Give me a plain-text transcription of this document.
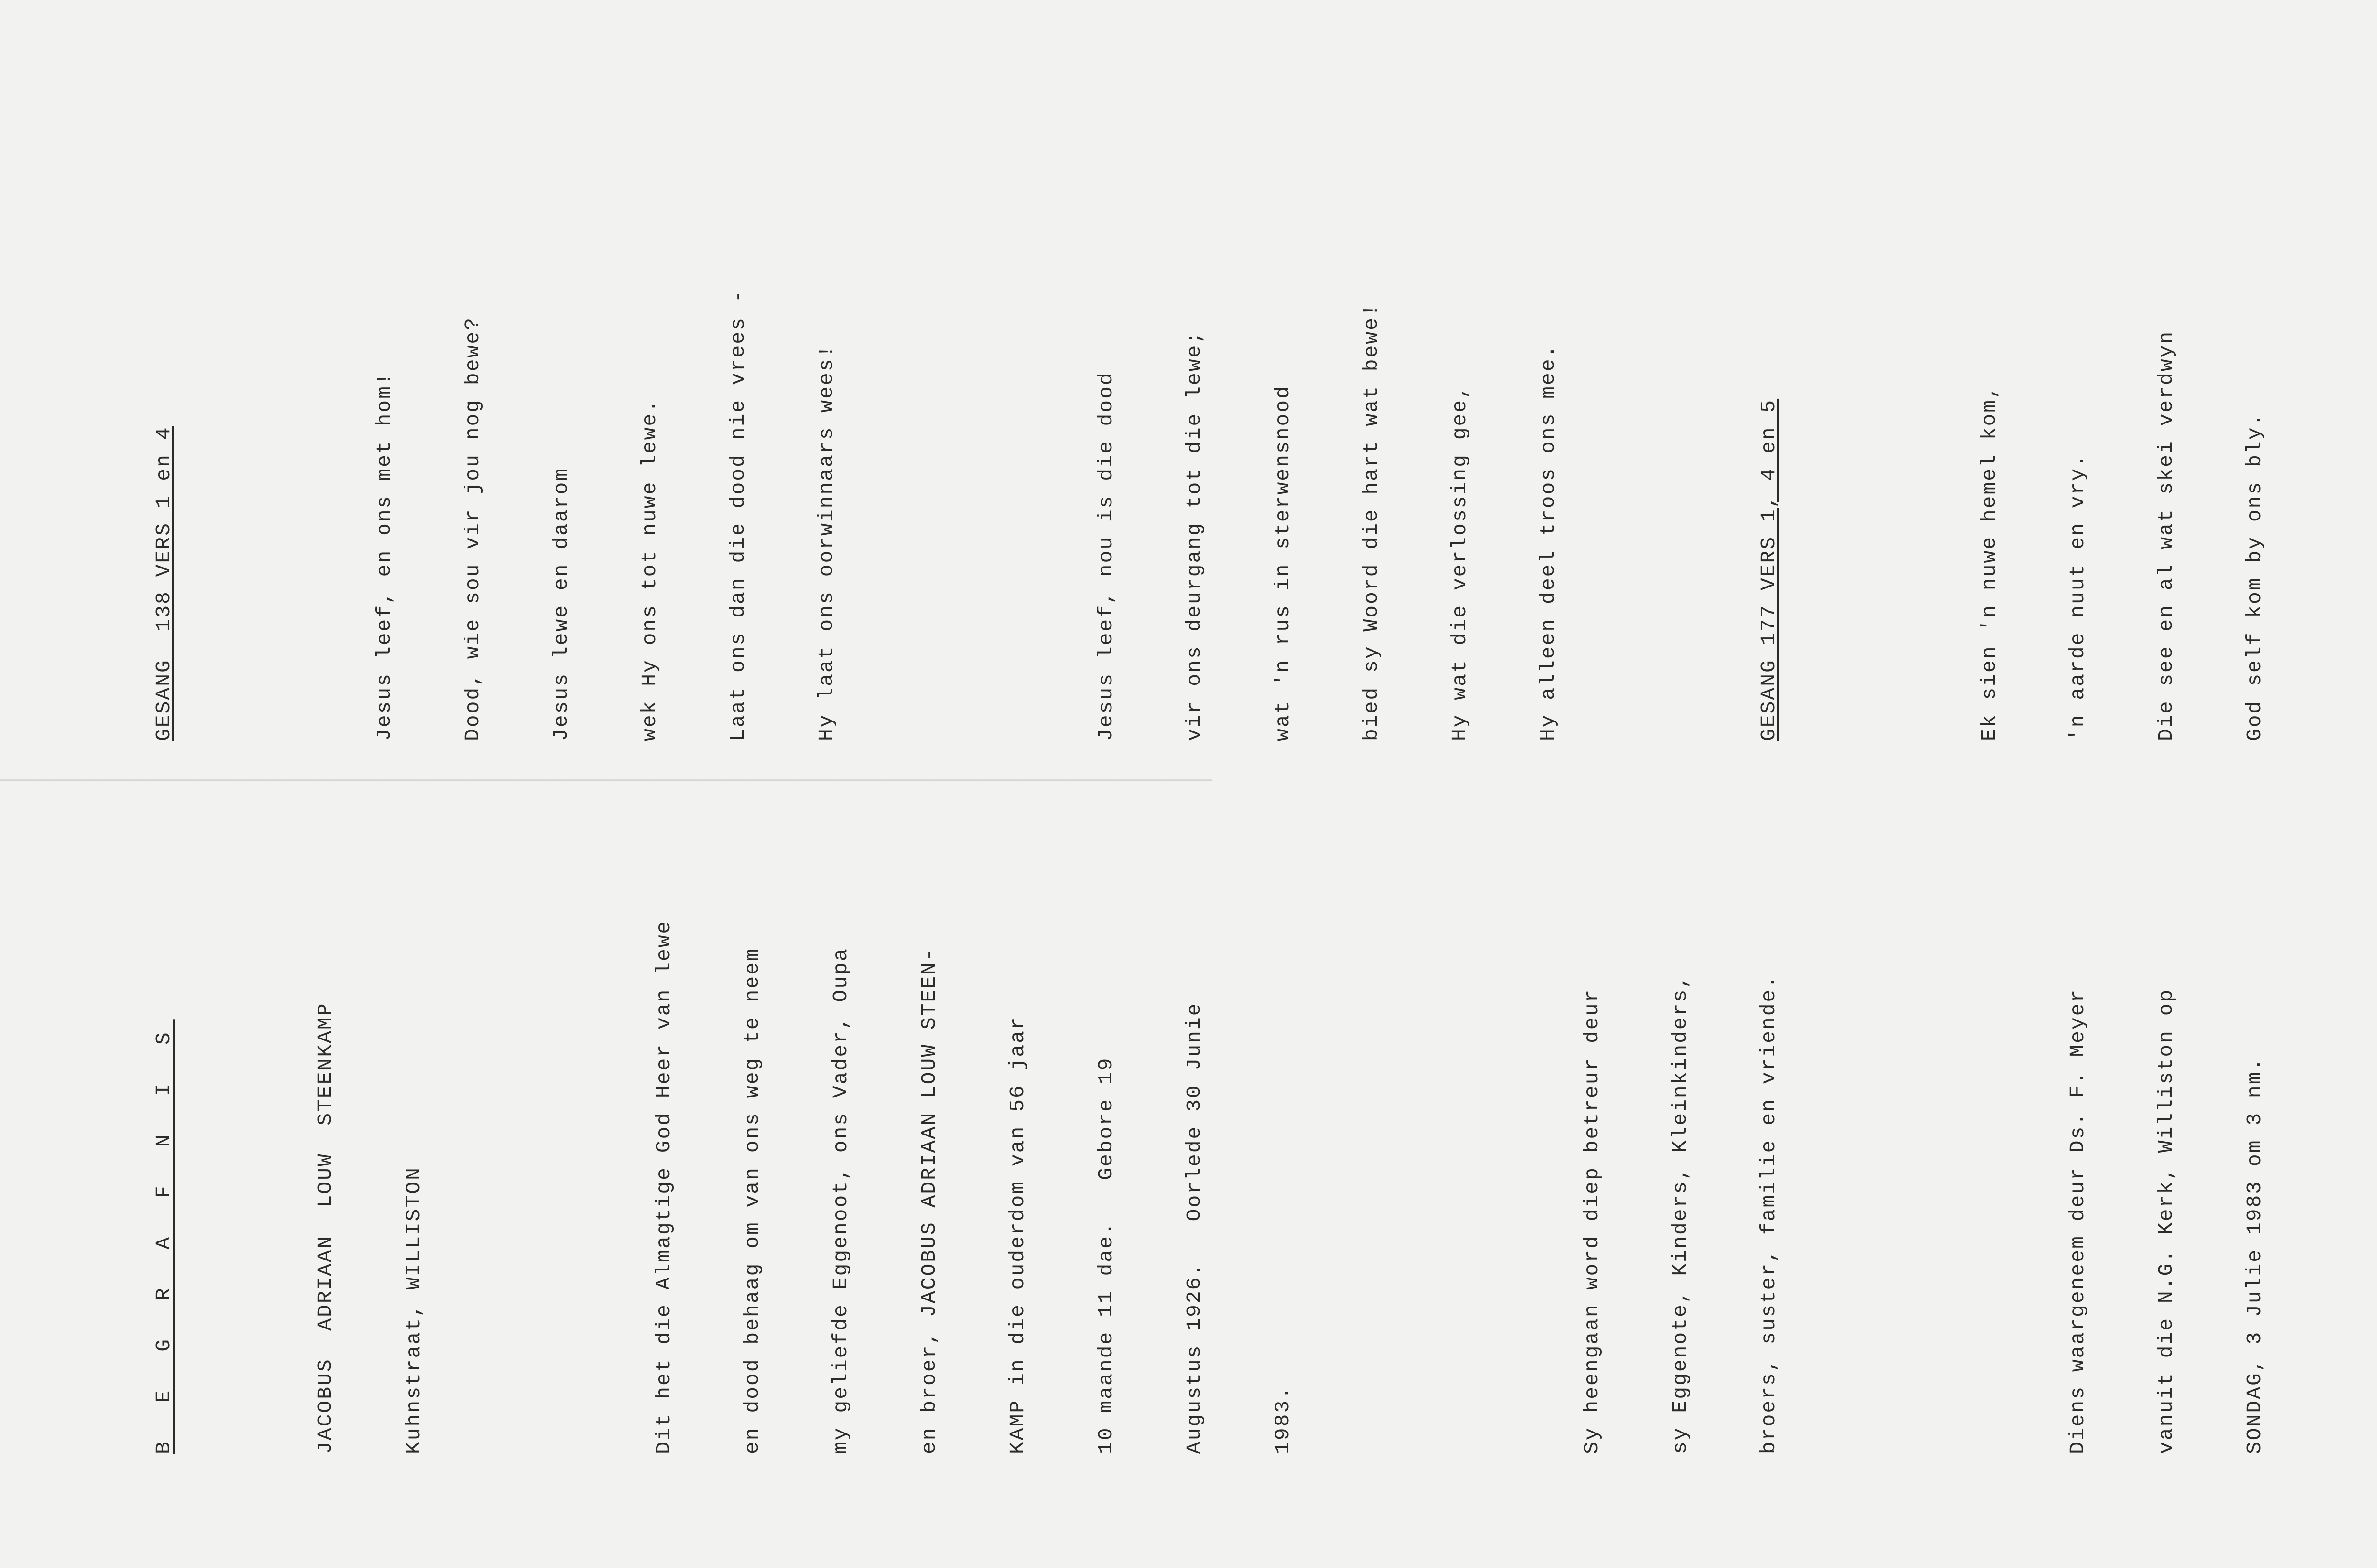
B E G R A F N I S

	JACOBUS  ADRIAAN  LOUW  STEENKAMP

	Kuhnstraat, WILLISTON

	Dit het die Almagtige God Heer van lewe

	en dood behaag om van ons weg te neem

	my geliefde Eggenoot, ons Vader, Oupa

	en broer, JACOBUS ADRIAAN LOUW STEEN-

	KAMP in die ouderdom van 56 jaar

	10 maande 11 dae.   Gebore 19

	Augustus 1926.   Oorlede 30 Junie

	1983.

	Sy heengaan word diep betreur deur

	sy Eggenote, Kinders, Kleinkinders,

	broers, suster, familie en vriende.

	Diens waargeneem deur Ds. F. Meyer

	vanuit die N.G. Kerk, Williston op

	SONDAG, 3 Julie 1983 om 3 nm.

GESANG  138 VERS 1 en 4

	Jesus leef, en ons met hom!

	Dood, wie sou vir jou nog bewe?

	Jesus lewe en daarom

	wek Hy ons tot nuwe lewe.

	Laat ons dan die dood nie vrees -

	Hy laat ons oorwinnaars wees!

	Jesus leef, nou is die dood

	vir ons deurgang tot die lewe;

	wat 'n rus in sterwensnood

	bied sy Woord die hart wat bewe!

	Hy wat die verlossing gee,

	Hy alleen deel troos ons mee.

	GESANG 177 VERS 1, 4 en 5

	Ek sien 'n nuwe hemel kom,

	'n aarde nuut en vry.

	Die see en al wat skei verdwyn

	God self kom by ons bly.
